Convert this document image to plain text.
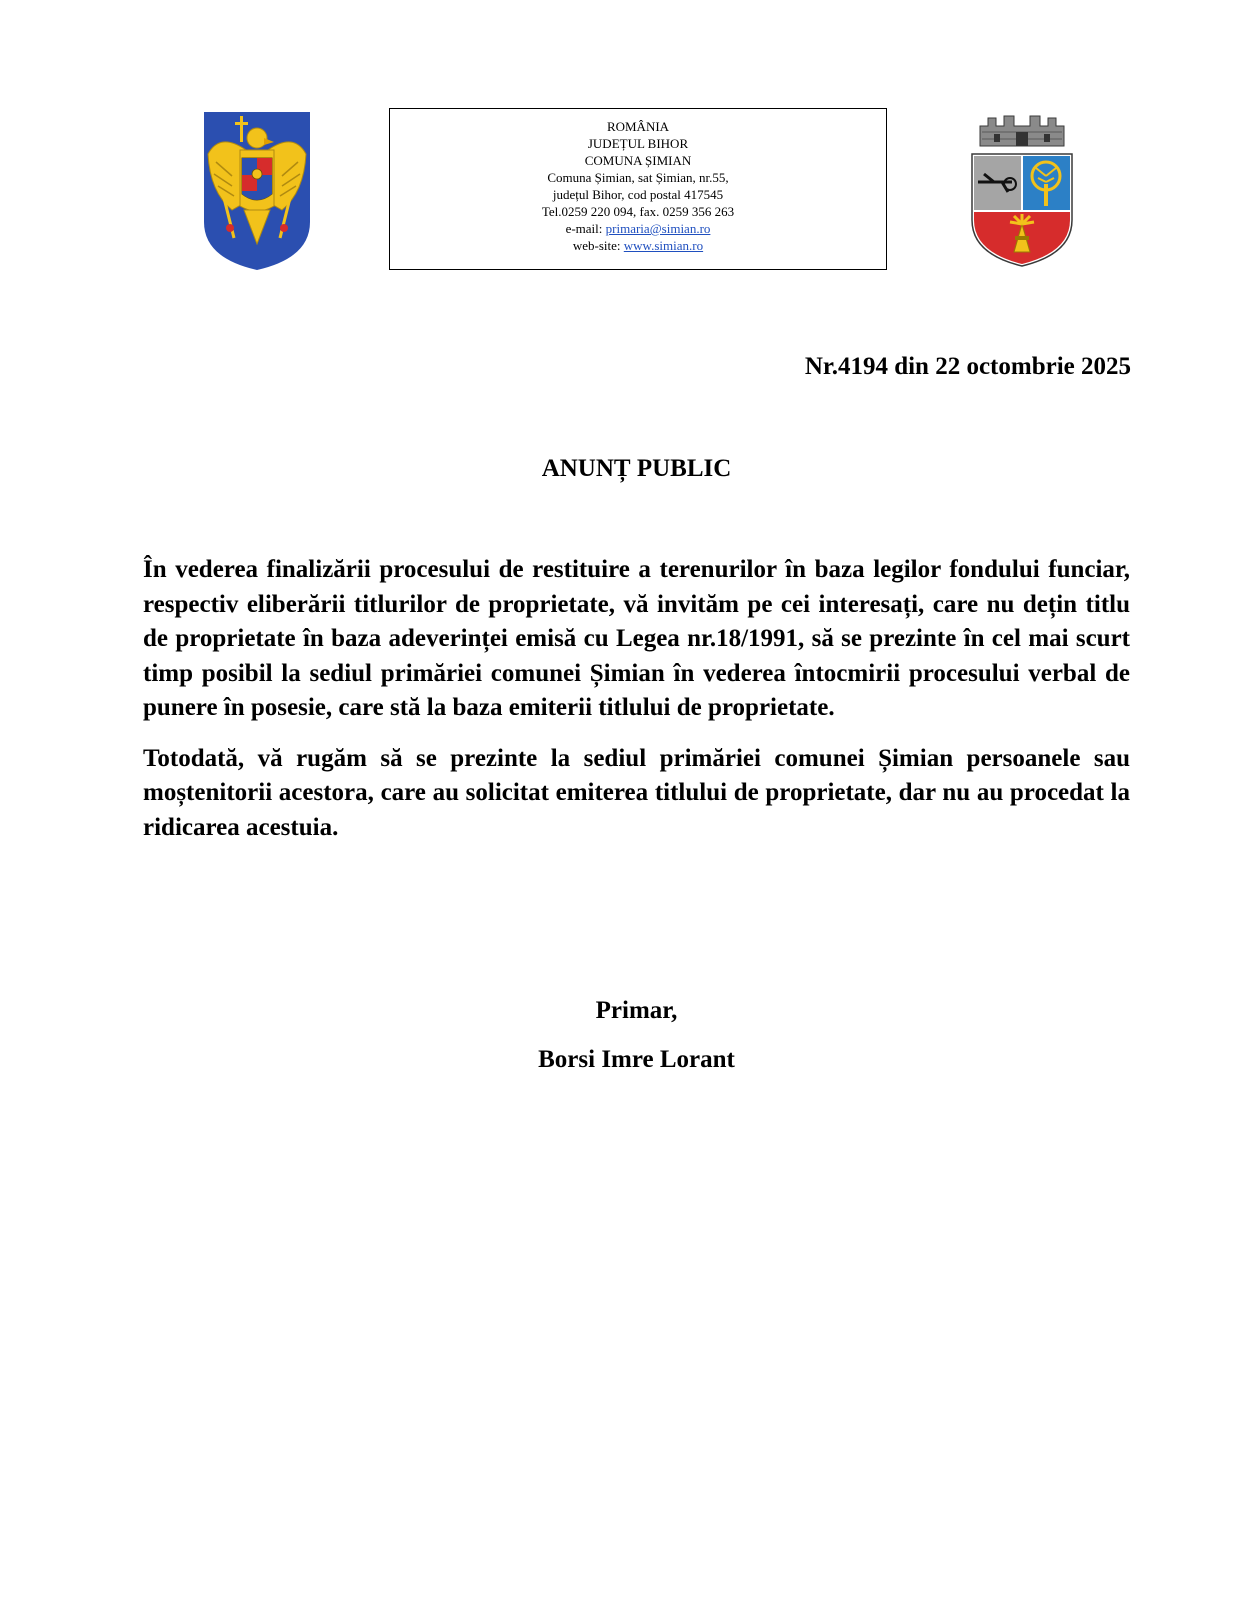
ROMÂNIA
JUDEȚUL BIHOR
COMUNA ȘIMIAN
Comuna Șimian, sat Șimian, nr.55,
județul Bihor, cod postal 417545
Tel.0259 220 094, fax. 0259 356 263
e-mail: primaria@simian.ro
web-site: www.simian.ro
Nr.4194 din 22 octombrie 2025
ANUNȚ PUBLIC

În vederea finalizării procesului de restituire a terenurilor în baza legilor fondului funciar, respectiv eliberării titlurilor de proprietate, vă invităm pe cei interesați, care nu dețin titlu de proprietate în baza adeverinței emisă cu Legea nr.18/1991, să se prezinte în cel mai scurt timp posibil la sediul primăriei comunei Șimian în vederea întocmirii procesului verbal de punere în posesie, care stă la baza emiterii titlului de proprietate.

Totodată, vă rugăm să se prezinte la sediul primăriei comunei Șimian persoanele sau moștenitorii acestora, care au solicitat emiterea titlului de proprietate, dar nu au procedat la ridicarea acestuia.

Primar,
Borsi Imre Lorant
